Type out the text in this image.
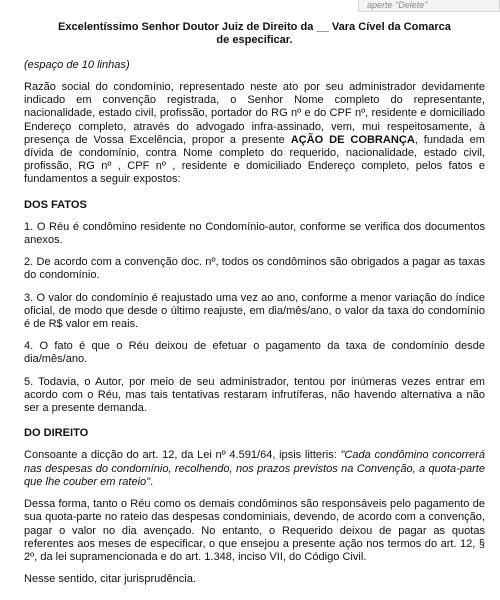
aperte "Delete"
Excelentíssimo Senhor Doutor Juiz de Direito da __ Vara Cível da Comarca
de especificar.

(espaço de 10 linhas)

Razão social do condomínio, representado neste ato por seu administrador devidamente indicado em convenção registrada, o Senhor Nome completo do representante, nacionalidade, estado civil, profissão, portador do RG nº e do CPF nº, residente e domiciliado Endereço completo, através do advogado infra-assinado, vem, mui respeitosamente, à presença de Vossa Excelência, propor a presente AÇÃO DE COBRANÇA, fundada em dívida de condomínio, contra Nome completo do requerido, nacionalidade, estado civil, profissão, RG nº , CPF nº , residente e domiciliado Endereço completo, pelos fatos e fundamentos a seguir expostos:

DOS FATOS

1. O Réu é condômino residente no Condomínio-autor, conforme se verifica dos documentos anexos.

2. De acordo com a convenção doc. nº, todos os condôminos são obrigados a pagar as taxas do condomínio.

3. O valor do condomínio é reajustado uma vez ao ano, conforme a menor variação do índice oficial, de modo que desde o último reajuste, em dia/mês/ano, o valor da taxa do condomínio é de R$ valor em reais.

4. O fato é que o Réu deixou de efetuar o pagamento da taxa de condomínio desde dia/mês/ano.

5. Todavia, o Autor, por meio de seu administrador, tentou por inúmeras vezes entrar em acordo com o Réu, mas tais tentativas restaram infrutíferas, não havendo alternativa a não ser a presente demanda.

DO DIREITO

Consoante a dicção do art. 12, da Lei nº 4.591/64, ipsis litteris: "Cada condômino concorrerá nas despesas do condomínio, recolhendo, nos prazos previstos na Convenção, a quota-parte que lhe couber em rateio".

Dessa forma, tanto o Réu como os demais condôminos são responsáveis pelo pagamento de sua quota-parte no rateio das despesas condominiais, devendo, de acordo com a convenção, pagar o valor no dia avençado. No entanto, o Requerido deixou de pagar as quotas referentes aos meses de especificar, o que ensejou a presente ação nos termos do art. 12, § 2º, da lei supramencionada e do art. 1.348, inciso VII, do Código Civil.

Nesse sentido, citar jurisprudência.
